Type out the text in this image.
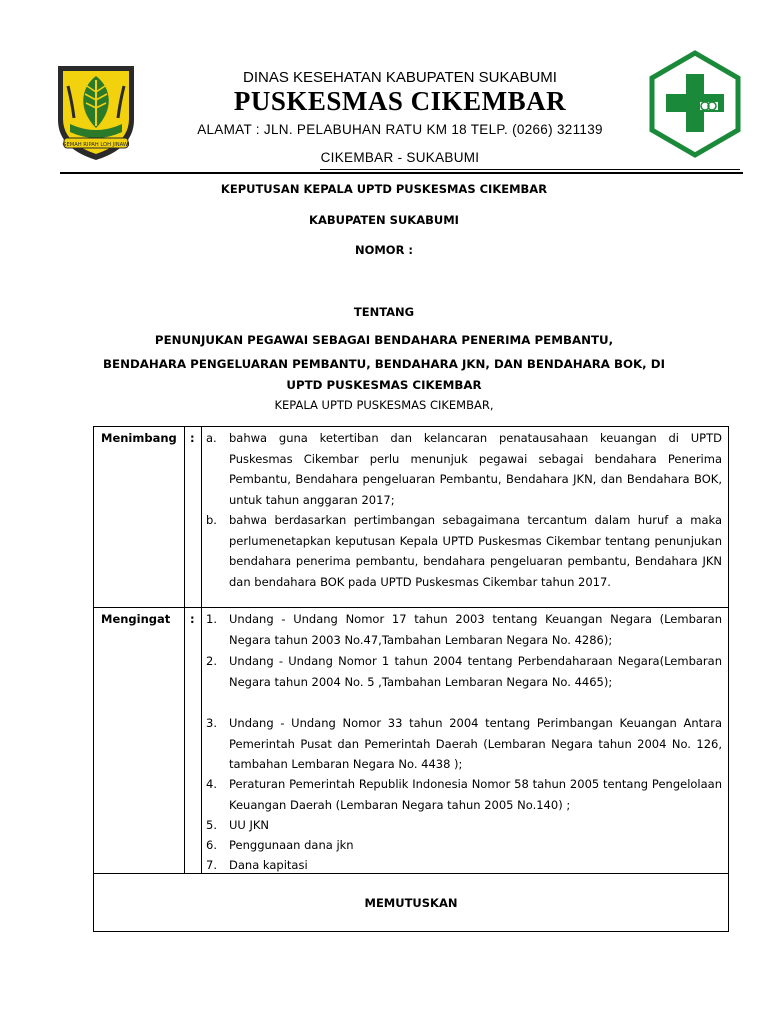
GEMAH RIPAH LOH JINAWI
DINAS KESEHATAN KABUPATEN SUKABUMI
PUSKESMAS CIKEMBAR
ALAMAT : JLN. PELABUHAN RATU KM 18 TELP. (0266) 321139
CIKEMBAR - SUKABUMI
KEPUTUSAN KEPALA UPTD PUSKESMAS CIKEMBAR
KABUPATEN SUKABUMI
NOMOR :
TENTANG
PENUNJUKAN PEGAWAI SEBAGAI BENDAHARA PENERIMA PEMBANTU,
BENDAHARA PENGELUARAN PEMBANTU, BENDAHARA JKN, DAN BENDAHARA BOK, DI
UPTD PUSKESMAS CIKEMBAR
KEPALA UPTD PUSKESMAS CIKEMBAR,
Menimbang : a.	bahwa guna ketertiban dan kelancaran penatausahaan keuangan di UPTD Puskesmas Cikembar perlu menunjuk pegawai sebagai bendahara Penerima Pembantu, Bendahara pengeluaran Pembantu, Bendahara JKN, dan Bendahara BOK, untuk tahun anggaran 2017;
b.	bahwa berdasarkan pertimbangan sebagaimana tercantum dalam huruf a maka perlumenetapkan keputusan Kepala UPTD Puskesmas Cikembar tentang penunjukan bendahara penerima pembantu, bendahara pengeluaran pembantu, Bendahara JKN dan bendahara BOK pada UPTD Puskesmas Cikembar tahun 2017.
Mengingat : 1.	Undang - Undang Nomor 17 tahun 2003 tentang Keuangan Negara (Lembaran Negara tahun 2003 No.47,Tambahan Lembaran Negara No. 4286);
2.	Undang - Undang Nomor 1 tahun 2004 tentang Perbendaharaan Negara(Lembaran Negara tahun 2004 No. 5 ,Tambahan Lembaran Negara No. 4465);
3.	Undang - Undang Nomor 33 tahun 2004 tentang Perimbangan Keuangan Antara Pemerintah Pusat dan Pemerintah Daerah (Lembaran Negara tahun 2004 No. 126, tambahan Lembaran Negara No. 4438 );
4.	Peraturan Pemerintah Republik Indonesia Nomor 58 tahun 2005 tentang Pengelolaan Keuangan Daerah (Lembaran Negara tahun 2005 No.140) ;
5.	UU JKN
6.	Penggunaan dana jkn
7.	Dana kapitasi
MEMUTUSKAN
